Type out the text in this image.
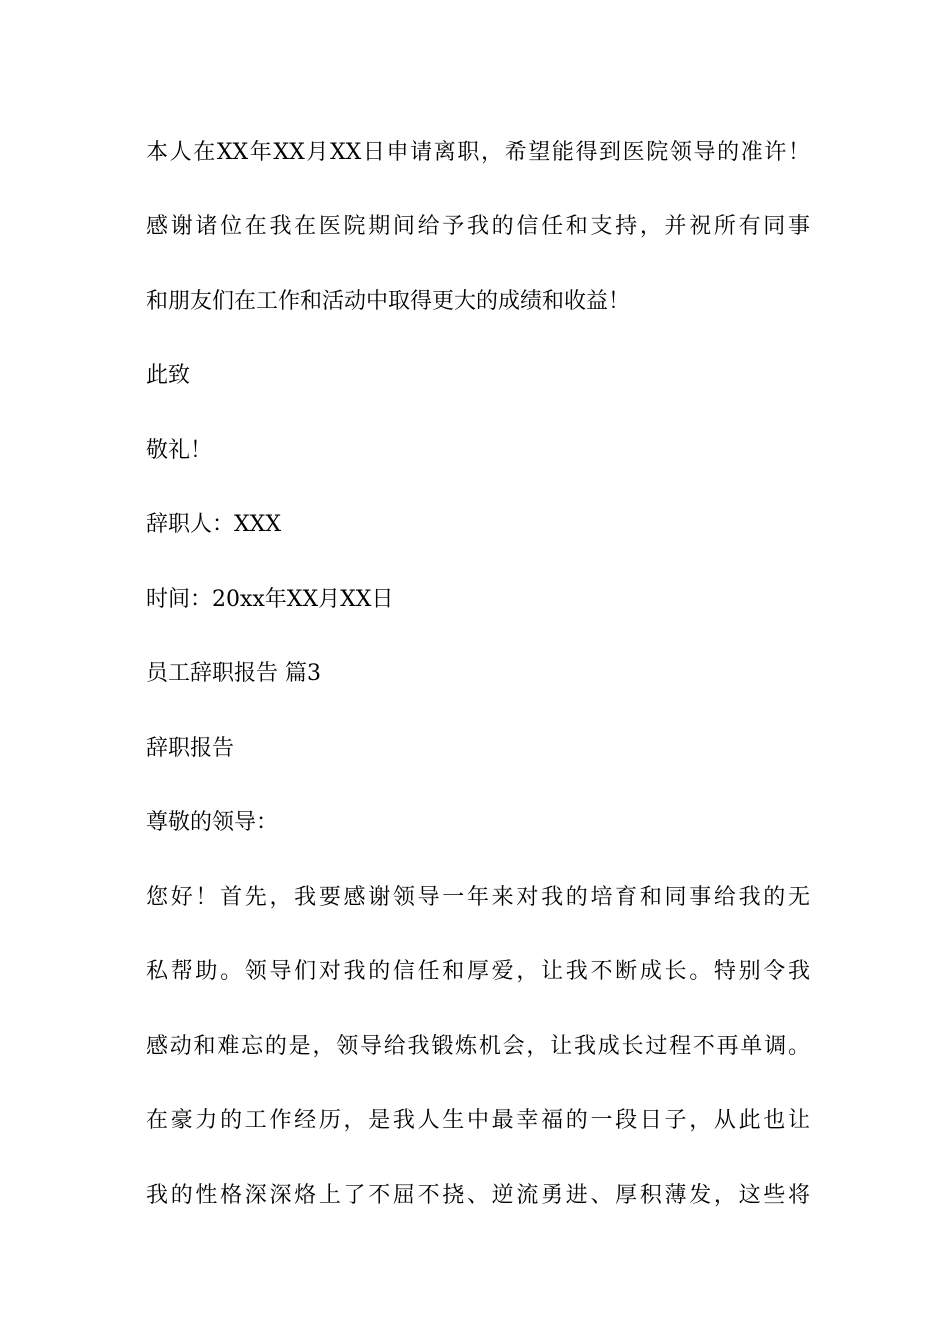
本人在XX年XX月XX日申请离职，希望能得到医院领导的准许！

感谢诸位在我在医院期间给予我的信任和支持，并祝所有同事

和朋友们在工作和活动中取得更大的成绩和收益！

此致

敬礼！

辞职人：XXX

时间：20xx年XX月XX日

员工辞职报告 篇3

辞职报告

尊敬的领导：

您好！首先，我要感谢领导一年来对我的培育和同事给我的无

私帮助。领导们对我的信任和厚爱，让我不断成长。特别令我

感动和难忘的是，领导给我锻炼机会，让我成长过程不再单调。

在豪力的工作经历，是我人生中最幸福的一段日子，从此也让

我的性格深深烙上了不屈不挠、逆流勇进、厚积薄发，这些将
